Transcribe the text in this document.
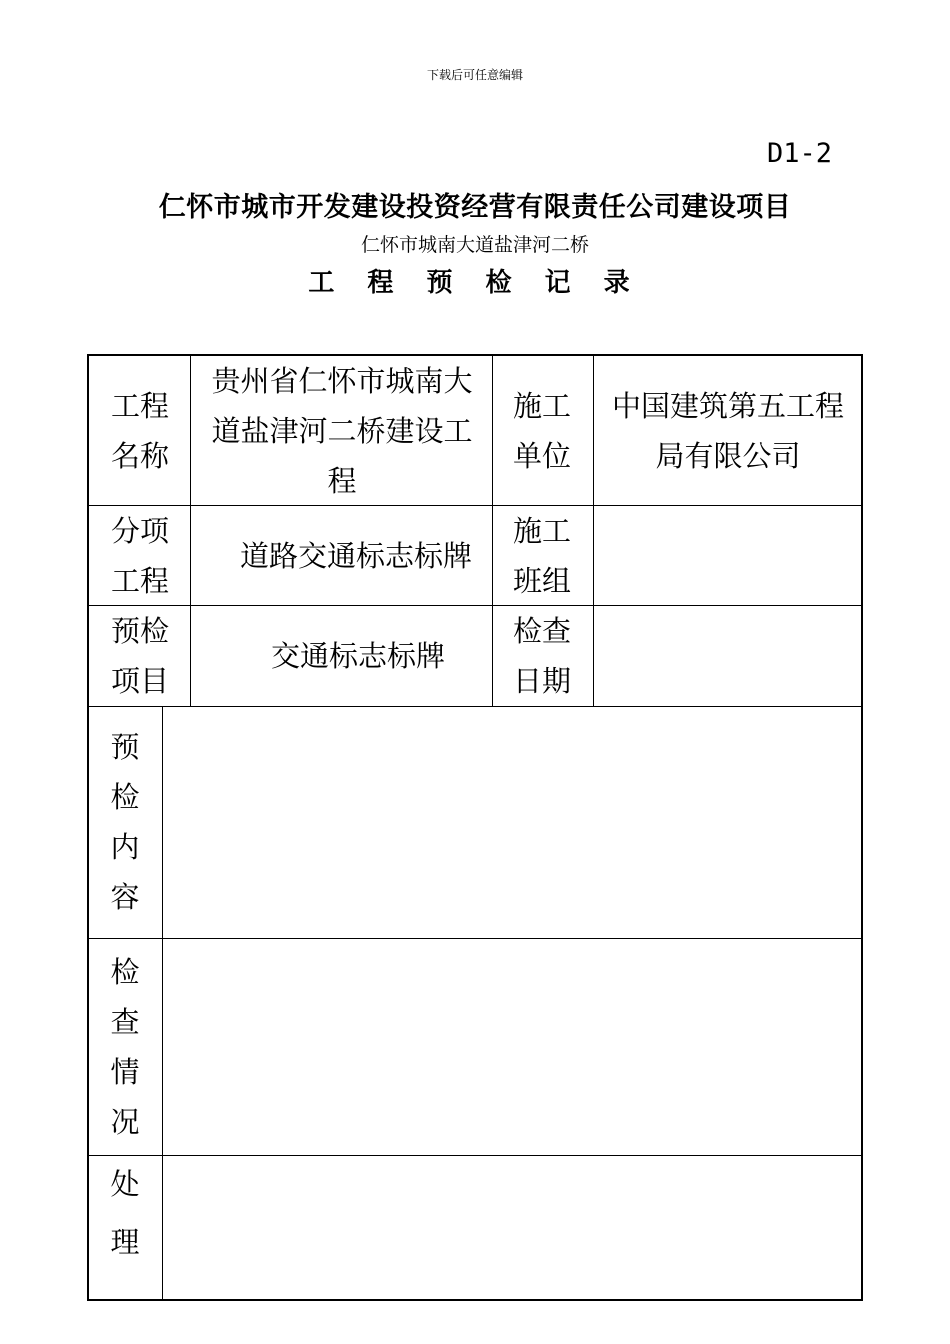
下载后可任意编辑
D1-2
仁怀市城市开发建设投资经营有限责任公司建设项目
仁怀市城南大道盐津河二桥
工 程 预 检 记 录
工程名称
贵州省仁怀市城南大道盐津河二桥建设工程
施工单位
中国建筑第五工程局有限公司
分项工程
道路交通标志标牌
施工班组
预检项目
交通标志标牌
检查日期
预
检
内
容
检
查
情
况
处
理
